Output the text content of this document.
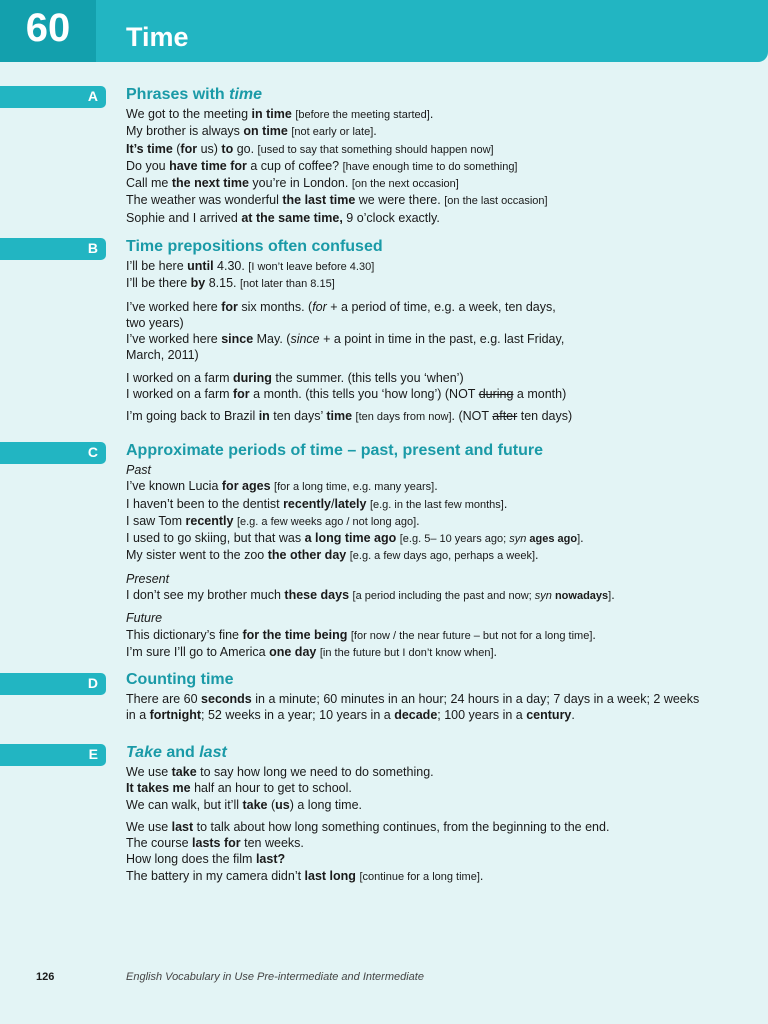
60	Time
A Phrases with time

We got to the meeting in time [before the meeting started].

My brother is always on time [not early or late].

It’s time (for us) to go. [used to say that something should happen now]

Do you have time for a cup of coffee? [have enough time to do something]

Call me the next time you’re in London. [on the next occasion]

The weather was wonderful the last time we were there. [on the last occasion]

Sophie and I arrived at the same time, 9 o’clock exactly.

B Time prepositions often confused

I’ll be here until 4.30. [I won’t leave before 4.30]

I’ll be there by 8.15. [not later than 8.15]

I’ve worked here for six months. (for + a period of time, e.g. a week, ten days,
two years)

I’ve worked here since May. (since + a point in time in the past, e.g. last Friday,
March, 2011)

I worked on a farm during the summer. (this tells you ‘when’)

I worked on a farm for a month. (this tells you ‘how long’) (NOT during a month)

I’m going back to Brazil in ten days’ time [ten days from now]. (NOT after ten days)

C Approximate periods of time – past, present and future
Past

I’ve known Lucia for ages [for a long time, e.g. many years].

I haven’t been to the dentist recently/lately [e.g. in the last few months].

I saw Tom recently [e.g. a few weeks ago / not long ago].

I used to go skiing, but that was a long time ago [e.g. 5– 10 years ago; syn ages ago].

My sister went to the zoo the other day [e.g. a few days ago, perhaps a week].

Present

I don’t see my brother much these days [a period including the past and now; syn nowadays].

Future

This dictionary’s fine for the time being [for now / the near future – but not for a long time].

I’m sure I’ll go to America one day [in the future but I don’t know when].

D Counting time

There are 60 seconds in a minute; 60 minutes in an hour; 24 hours in a day; 7 days in a week; 2 weeks
in a fortnight; 52 weeks in a year; 10 years in a decade; 100 years in a century.

E Take and last

We use take to say how long we need to do something.

It takes me half an hour to get to school.

We can walk, but it’ll take (us) a long time.

We use last to talk about how long something continues, from the beginning to the end.

The course lasts for ten weeks.

How long does the film last?

The battery in my camera didn’t last long [continue for a long time].

126	English Vocabulary in Use Pre-intermediate and Intermediate
